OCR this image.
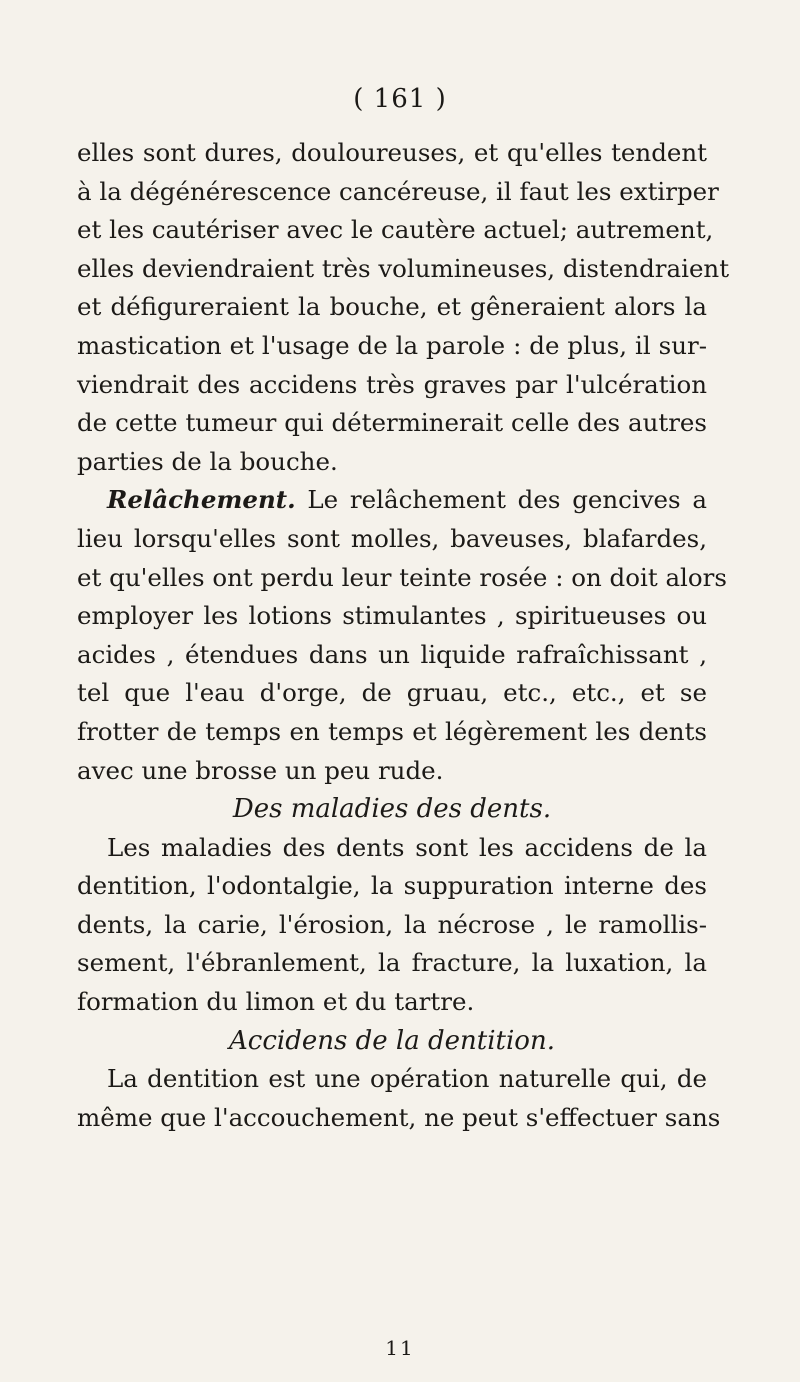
( 161 )
elles sont dures, douloureuses, et qu'elles tendent
à la dégénérescence cancéreuse, il faut les extirper
et les cautériser avec le cautère actuel; autrement,
elles deviendraient très volumineuses, distendraient
et défigureraient la bouche, et gêneraient alors la
mastication et l'usage de la parole : de plus, il sur-
viendrait des accidens très graves par l'ulcération
de cette tumeur qui déterminerait celle des autres
parties de la bouche.
Relâchement. Le relâchement des gencives a
lieu lorsqu'elles sont molles, baveuses, blafardes,
et qu'elles ont perdu leur teinte rosée : on doit alors
employer les lotions stimulantes , spiritueuses ou
acides , étendues dans un liquide rafraîchissant ,
tel que l'eau d'orge, de gruau, etc., etc., et se
frotter de temps en temps et légèrement les dents
avec une brosse un peu rude.
Des maladies des dents.
Les maladies des dents sont les accidens de la
dentition, l'odontalgie, la suppuration interne des
dents, la carie, l'érosion, la nécrose , le ramollis-
sement, l'ébranlement, la fracture, la luxation, la
formation du limon et du tartre.
Accidens de la dentition.
La dentition est une opération naturelle qui, de
même que l'accouchement, ne peut s'effectuer sans
11
